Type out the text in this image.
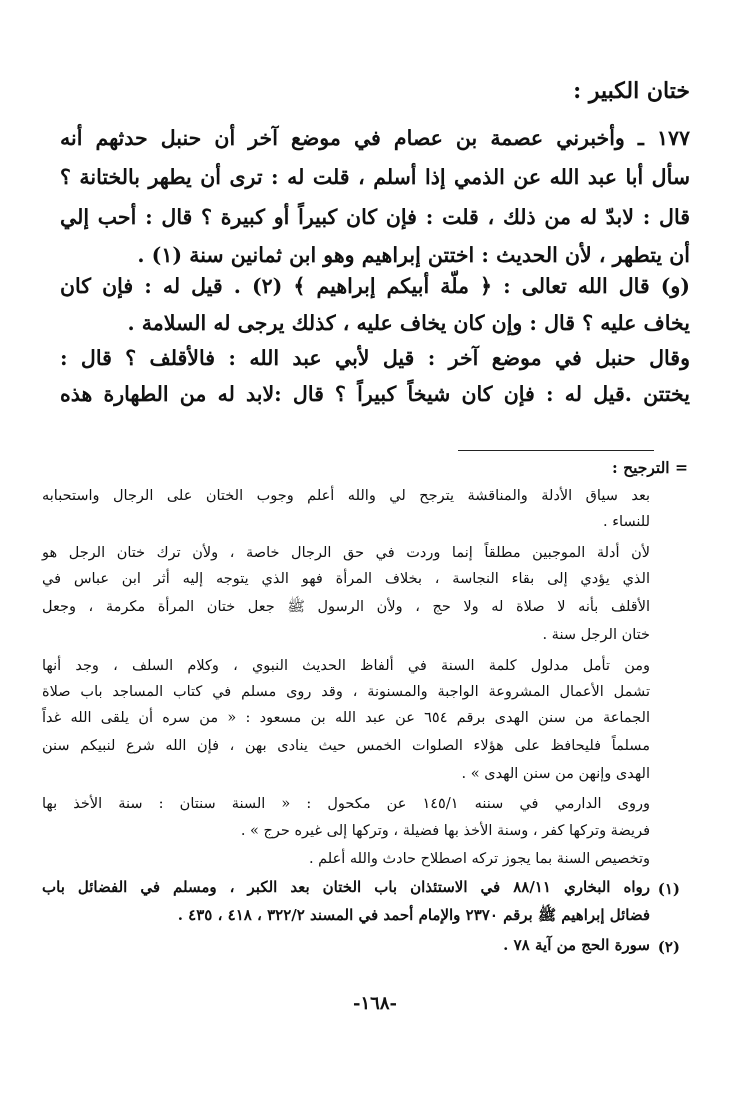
ختان الكبير :
١٧٧ ـ وأخبرني عصمة بن عصام في موضع آخر أن حنبل حدثهم أنه
سأل أبا عبد الله عن الذمي إذا أسلم ، قلت له : ترى أن يطهر بالختانة ؟
قال : لابدّ له من ذلك ، قلت : فإن كان كبيراً أو كبيرة ؟ قال : أحب إلي
أن يتطهر ، لأن الحديث : اختتن إبراهيم وهو ابن ثمانين سنة (١) .
(و) قال الله تعالى : ﴿ ملّة أبيكم إبراهيم ﴾ (٢) . قيل له : فإن كان
يخاف عليه ؟ قال : وإن كان يخاف عليه ، كذلك يرجى له السلامة .
وقال حنبل في موضع آخر : قيل لأبي عبد الله : فالأقلف ؟ قال :
يختتن .قيل له : فإن كان شيخاً كبيراً ؟ قال :لابد له من الطهارة هذه
= الترجيح :
بعد سياق الأدلة والمناقشة يترجح لي والله أعلم وجوب الختان على الرجال واستحبابه
للنساء .
لأن أدلة الموجبين مطلقاً إنما وردت في حق الرجال خاصة ، ولأن ترك ختان الرجل هو
الذي يؤدي إلى بقاء النجاسة ، بخلاف المرأة فهو الذي يتوجه إليه أثر ابن عباس في
الأقلف بأنه لا صلاة له ولا حج ، ولأن الرسول ﷺ جعل ختان المرأة مكرمة ، وجعل
ختان الرجل سنة .
ومن تأمل مدلول كلمة السنة في ألفاظ الحديث النبوي ، وكلام السلف ، وجد أنها
تشمل الأعمال المشروعة الواجبة والمسنونة ، وقد روى مسلم في كتاب المساجد باب صلاة
الجماعة من سنن الهدى برقم ٦٥٤ عن عبد الله بن مسعود : « من سره أن يلقى الله غداً
مسلماً فليحافظ على هؤلاء الصلوات الخمس حيث ينادى بهن ، فإن الله شرع لنبيكم سنن
الهدى وإنهن من سنن الهدى » .
وروى الدارمي في سننه ١٤٥/١ عن مكحول : « السنة سنتان : سنة الأخذ بها
فريضة وتركها كفر ، وسنة الأخذ بها فضيلة ، وتركها إلى غيره حرج » .
وتخصيص السنة بما يجوز تركه اصطلاح حادث والله أعلم .
(١)
رواه البخاري ٨٨/١١ في الاستئذان باب الختان بعد الكبر ، ومسلم في الفضائل باب
فضائل إبراهيم ﷺ برقم ٢٣٧٠ والإمام أحمد في المسند ٣٢٢/٢ ، ٤١٨ ، ٤٣٥ .
(٢)
سورة الحج من آية ٧٨ .
-١٦٨-
